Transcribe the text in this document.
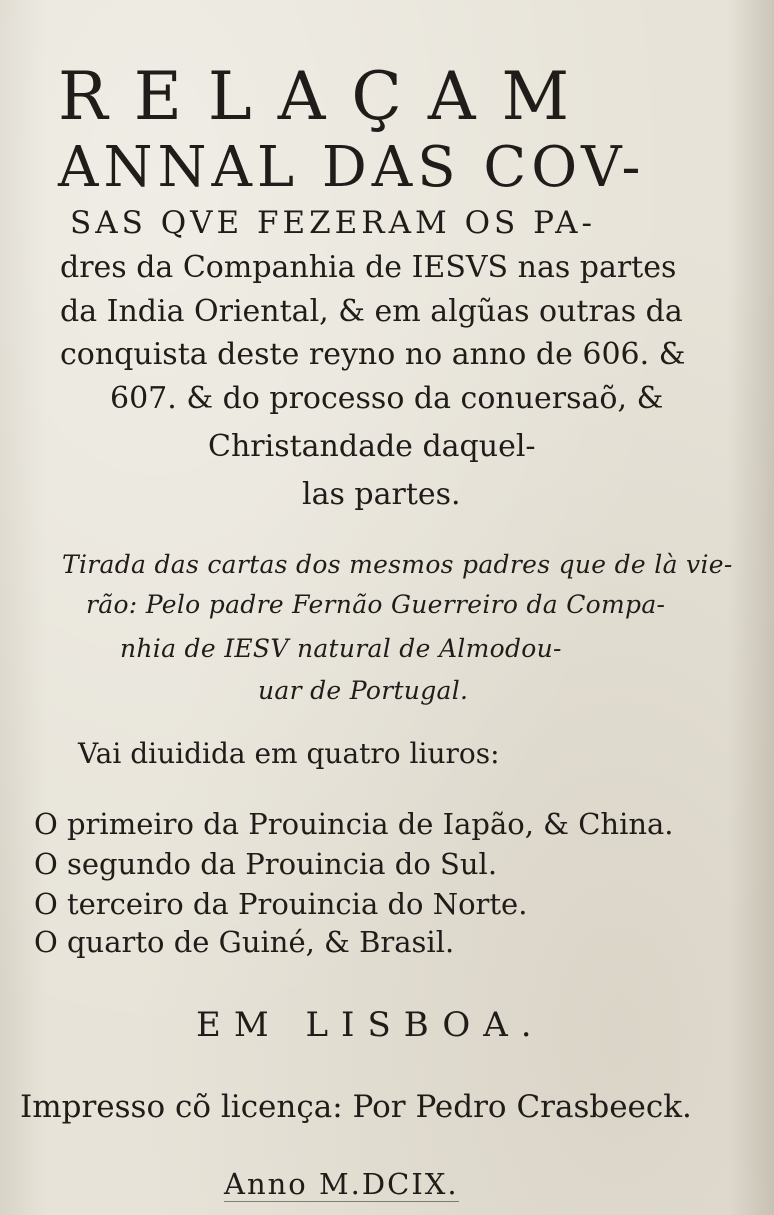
RELAÇAM
ANNAL DAS COV-
SAS QVE FEZERAM OS PA-
dres da Companhia de IESVS nas partes
da India Oriental, & em algũas outras da
conquista deste reyno no anno de 606. &
607. & do processo da conuersaõ, &
Christandade daquel-
las partes.
Tirada das cartas dos mesmos padres que de là vie-
rão: Pelo padre Fernão Guerreiro da Compa-
nhia de IESV natural de Almodou-
uar de Portugal.
Vai diuidida em quatro liuros:
O primeiro da Prouincia de Iapão, & China.
O segundo da Prouincia do Sul.
O terceiro da Prouincia do Norte.
O quarto de Guiné, & Brasil.
EM LISBOA.
Impresso cõ licença: Por Pedro Crasbeeck.
Anno M.DCIX.
